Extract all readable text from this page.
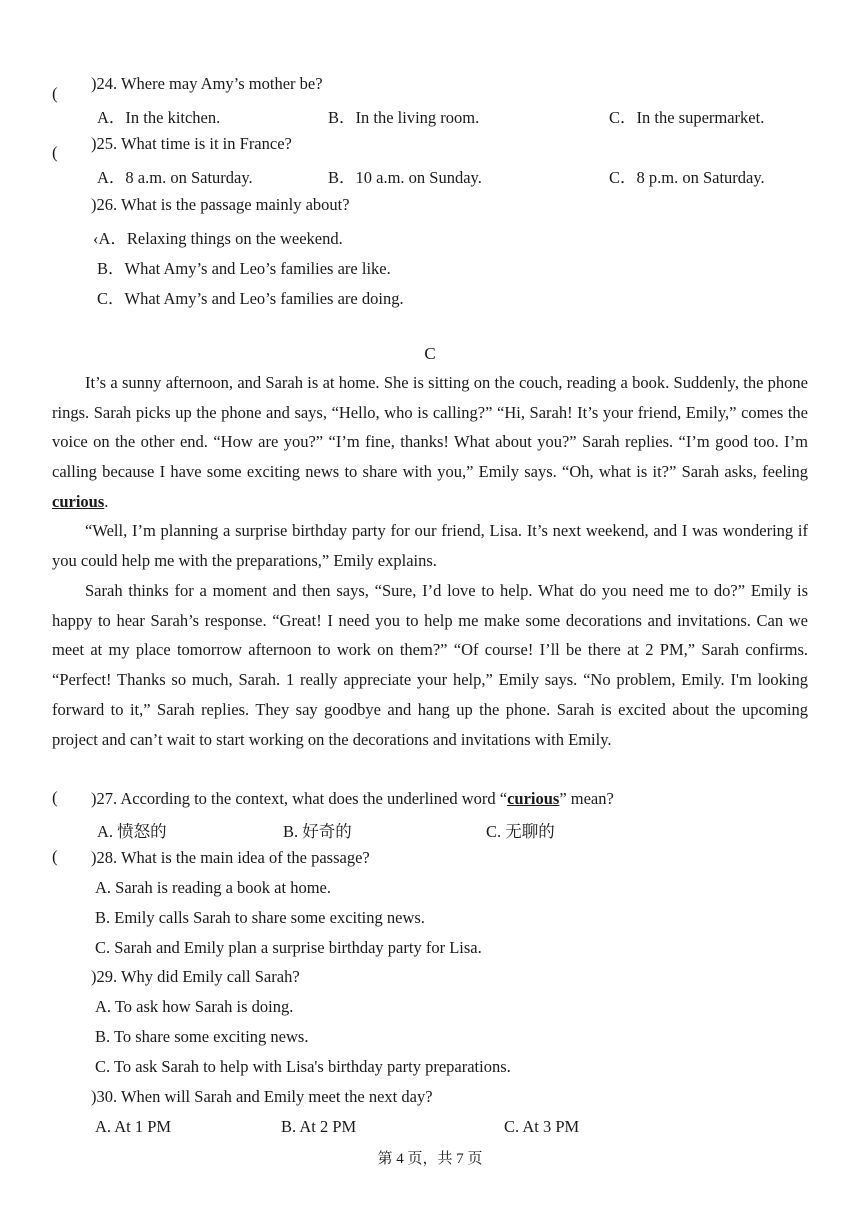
(
)24. Where may Amy’s mother be?
A．In the kitchen.	B．In the living room.	C．In the supermarket.
( )25. What time is it in France?
A．8 a.m. on Saturday.	B．10 a.m. on Sunday.	C．8 p.m. on Saturday.
)26. What is the passage mainly about?
‹A．Relaxing things on the weekend.
B．What Amy’s and Leo’s families are like.
C．What Amy’s and Leo’s families are doing.
C
It’s a sunny afternoon, and Sarah is at home. She is sitting on the couch, reading a book. Suddenly, the phone rings. Sarah picks up the phone and says, “Hello, who is calling?” “Hi, Sarah! It’s your friend, Emily,” comes the voice on the other end. “How are you?” “I’m fine, thanks! What about you?” Sarah replies. “I’m good too. I’m calling because I have some exciting news to share with you,” Emily says. “Oh, what is it?” Sarah asks, feeling curious.
“Well, I’m planning a surprise birthday party for our friend, Lisa. It’s next weekend, and I was wondering if you could help me with the preparations,” Emily explains.
Sarah thinks for a moment and then says, “Sure, I’d love to help. What do you need me to do?” Emily is happy to hear Sarah’s response. “Great! I need you to help me make some decorations and invitations. Can we meet at my place tomorrow afternoon to work on them?” “Of course! I’ll be there at 2 PM,” Sarah confirms. “Perfect! Thanks so much, Sarah. 1 really appreciate your help,” Emily says. “No problem, Emily. I'm looking forward to it,” Sarah replies. They say goodbye and hang up the phone. Sarah is excited about the upcoming project and can’t wait to start working on the decorations and invitations with Emily.
( )27. According to the context, what does the underlined word “curious” mean?
A. 愤怒的	B. 好奇的	C. 无聊的
( )28. What is the main idea of the passage?
A. Sarah is reading a book at home.
B. Emily calls Sarah to share some exciting news.
C. Sarah and Emily plan a surprise birthday party for Lisa.
)29. Why did Emily call Sarah?
A. To ask how Sarah is doing.
B. To share some exciting news.
C. To ask Sarah to help with Lisa's birthday party preparations.
)30. When will Sarah and Emily meet the next day?
A. At 1 PM	B. At 2 PM	C. At 3 PM
第 4 页，共 7 页
